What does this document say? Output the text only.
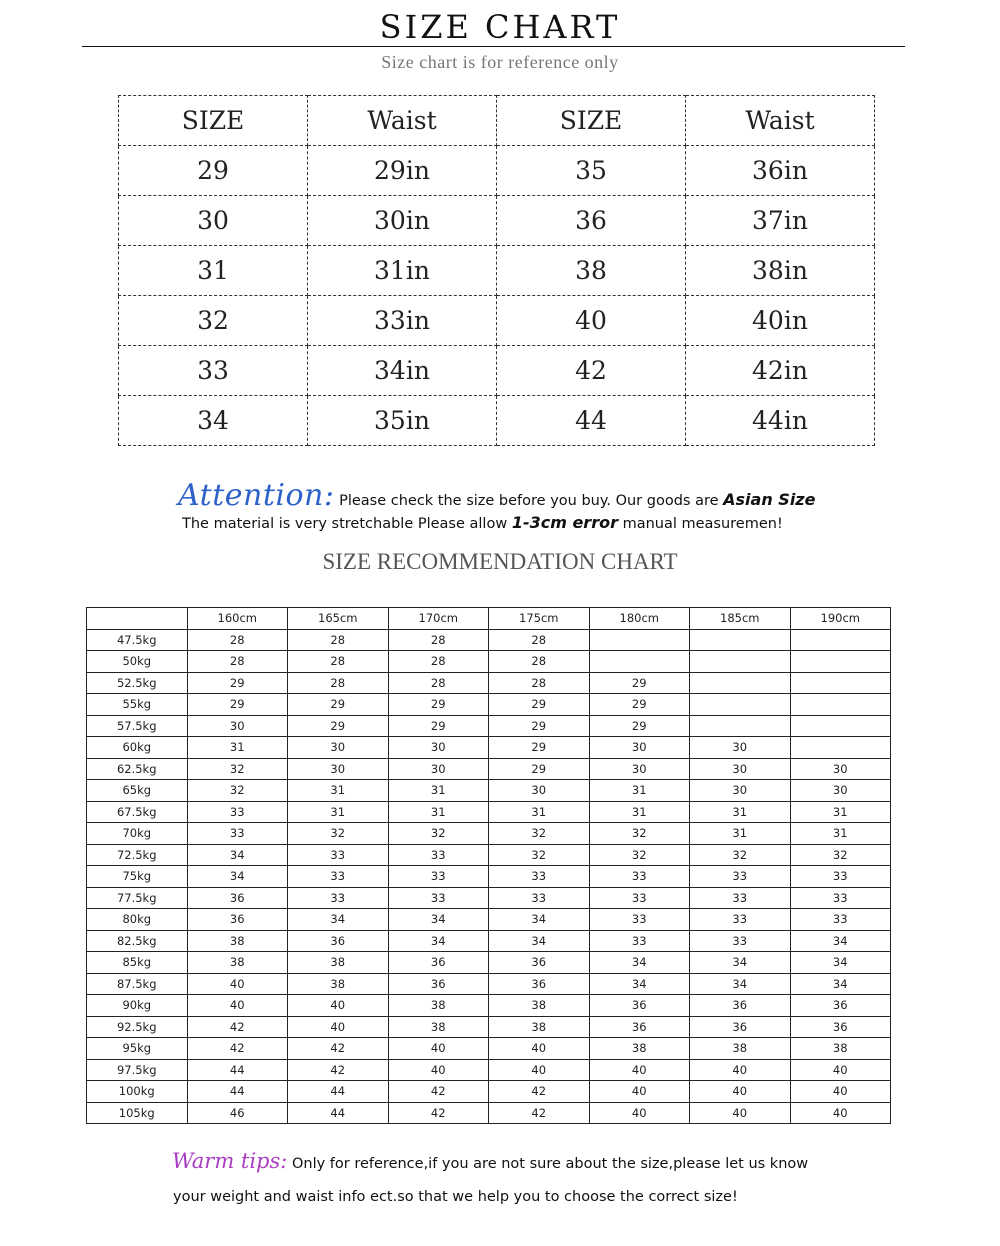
SIZE CHART
Size chart is for reference only
SIZE	Waist	SIZE	Waist
29	29in	35	36in
30	30in	36	37in
31	31in	38	38in
32	33in	40	40in
33	34in	42	42in
34	35in	44	44in
Attention: Please check the size before you buy. Our goods are Asian Size
The material is very stretchable Please allow 1-3cm error manual measuremen!
SIZE RECOMMENDATION CHART
	160cm	165cm	170cm	175cm	180cm	185cm	190cm
47.5kg	28	28	28	28			
50kg	28	28	28	28			
52.5kg	29	28	28	28	29		
55kg	29	29	29	29	29		
57.5kg	30	29	29	29	29		
60kg	31	30	30	29	30	30	
62.5kg	32	30	30	29	30	30	30
65kg	32	31	31	30	31	30	30
67.5kg	33	31	31	31	31	31	31
70kg	33	32	32	32	32	31	31
72.5kg	34	33	33	32	32	32	32
75kg	34	33	33	33	33	33	33
77.5kg	36	33	33	33	33	33	33
80kg	36	34	34	34	33	33	33
82.5kg	38	36	34	34	33	33	34
85kg	38	38	36	36	34	34	34
87.5kg	40	38	36	36	34	34	34
90kg	40	40	38	38	36	36	36
92.5kg	42	40	38	38	36	36	36
95kg	42	42	40	40	38	38	38
97.5kg	44	42	40	40	40	40	40
100kg	44	44	42	42	40	40	40
105kg	46	44	42	42	40	40	40
Warm tips: Only for reference,if you are not sure about the size,please let us know
your weight and waist info ect.so that we help you to choose the correct size!
